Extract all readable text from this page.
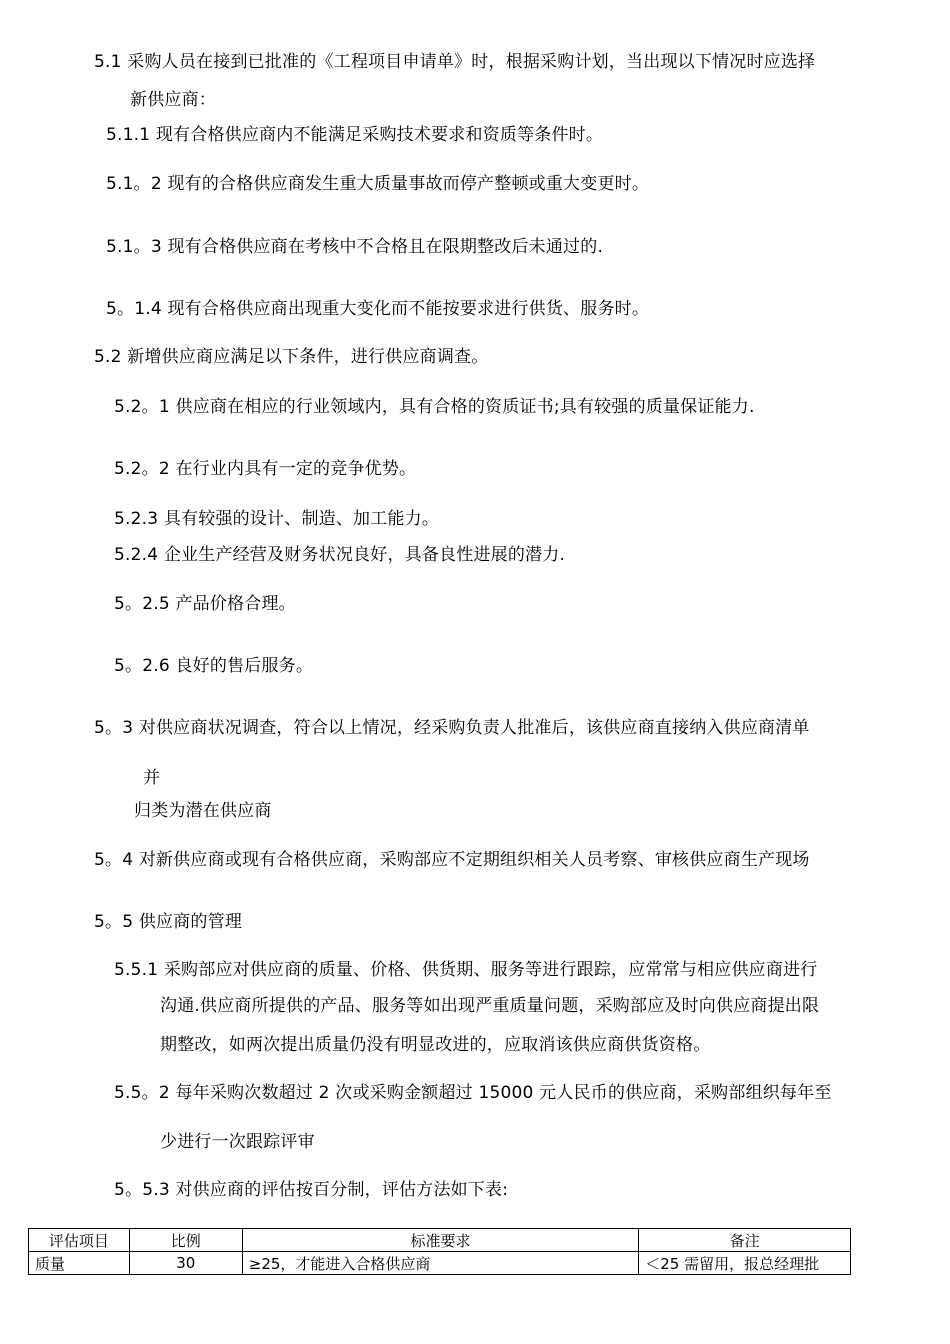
5.1 采购人员在接到已批准的《工程项目申请单》时，根据采购计划，当出现以下情况时应选择
新供应商：
5.1.1 现有合格供应商内不能满足采购技术要求和资质等条件时。
5.1。2 现有的合格供应商发生重大质量事故而停产整顿或重大变更时。
5.1。3 现有合格供应商在考核中不合格且在限期整改后未通过的.
5。1.4 现有合格供应商出现重大变化而不能按要求进行供货、服务时。
5.2 新增供应商应满足以下条件，进行供应商调查。
5.2。1 供应商在相应的行业领域内，具有合格的资质证书;具有较强的质量保证能力.
5.2。2 在行业内具有一定的竞争优势。
5.2.3 具有较强的设计、制造、加工能力。
5.2.4 企业生产经营及财务状况良好，具备良性进展的潜力.
5。2.5 产品价格合理。
5。2.6 良好的售后服务。
5。3 对供应商状况调查，符合以上情况，经采购负责人批准后，该供应商直接纳入供应商清单
并
归类为潜在供应商
5。4 对新供应商或现有合格供应商，采购部应不定期组织相关人员考察、审核供应商生产现场
5。5 供应商的管理
5.5.1 采购部应对供应商的质量、价格、供货期、服务等进行跟踪，应常常与相应供应商进行
沟通.供应商所提供的产品、服务等如出现严重质量问题，采购部应及时向供应商提出限
期整改，如两次提出质量仍没有明显改进的，应取消该供应商供货资格。
5.5。2 每年采购次数超过 2 次或采购金额超过 15000 元人民币的供应商，采购部组织每年至
少进行一次跟踪评审
5。5.3 对供应商的评估按百分制，评估方法如下表:
评估项目	比例	标准要求	备注
质量	30	≥25，才能进入合格供应商	＜25 需留用，报总经理批
